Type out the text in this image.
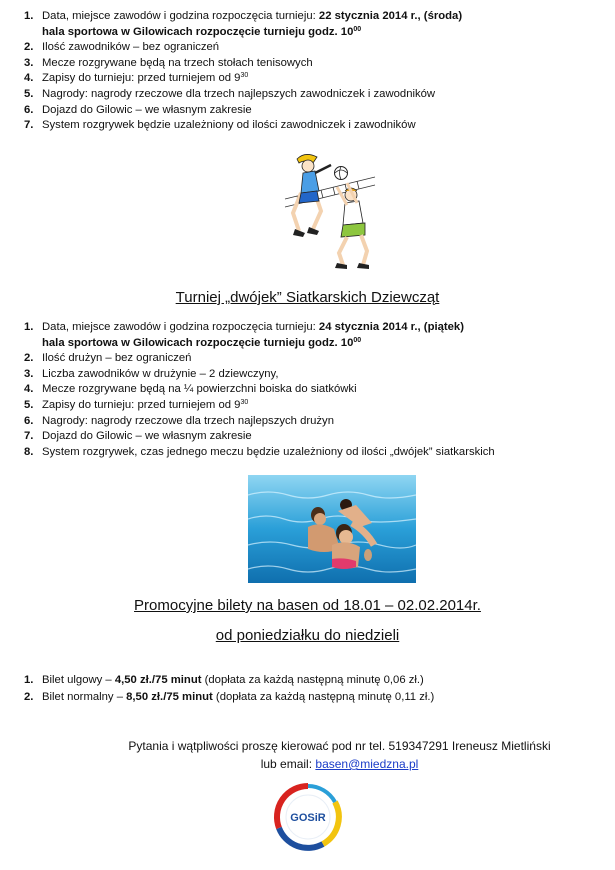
1. Data, miejsce zawodów i godzina rozpoczęcia turnieju: 22 stycznia 2014 r., (środa)
hala sportowa w Gilowicach rozpoczęcie turnieju godz. $10^{00}$
2. Ilość zawodników – bez ograniczeń
3. Mecze rozgrywane będą na trzech stołach tenisowych
4. Zapisy do turnieju: przed turniejem od $9^{30}$
5. Nagrody: nagrody rzeczowe dla trzech najlepszych zawodniczek i zawodników
6. Dojazd do Gilowic – we własnym zakresie
7. System rozgrywek będzie uzależniony od ilości zawodniczek i zawodników
Turniej „dwójek” Siatkarskich Dziewcząt
1. Data, miejsce zawodów i godzina rozpoczęcia turnieju: 24 stycznia 2014 r., (piątek)
hala sportowa w Gilowicach rozpoczęcie turnieju godz. $10^{00}$
2. Ilość drużyn – bez ograniczeń
3. Liczba zawodników w drużynie – 2 dziewczyny,
4. Mecze rozgrywane będą na ¼ powierzchni boiska do siatkówki
5. Zapisy do turnieju: przed turniejem od $9^{30}$
6. Nagrody: nagrody rzeczowe dla trzech najlepszych drużyn
7. Dojazd do Gilowic – we własnym zakresie
8. System rozgrywek, czas jednego meczu będzie uzależniony od ilości „dwójek” siatkarskich
Promocyjne bilety na basen od 18.01 – 02.02.2014r.
od poniedziałku do niedzieli
1. Bilet ulgowy – 4,50 zł./75 minut (dopłata za każdą następną minutę 0,06 zł.)
2. Bilet normalny – 8,50 zł./75 minut (dopłata za każdą następną minutę 0,11 zł.)
Pytania i wątpliwości proszę kierować pod nr tel. 519347291 Ireneusz Mietliński
lub email: basen@miedzna.pl
GOSiR
